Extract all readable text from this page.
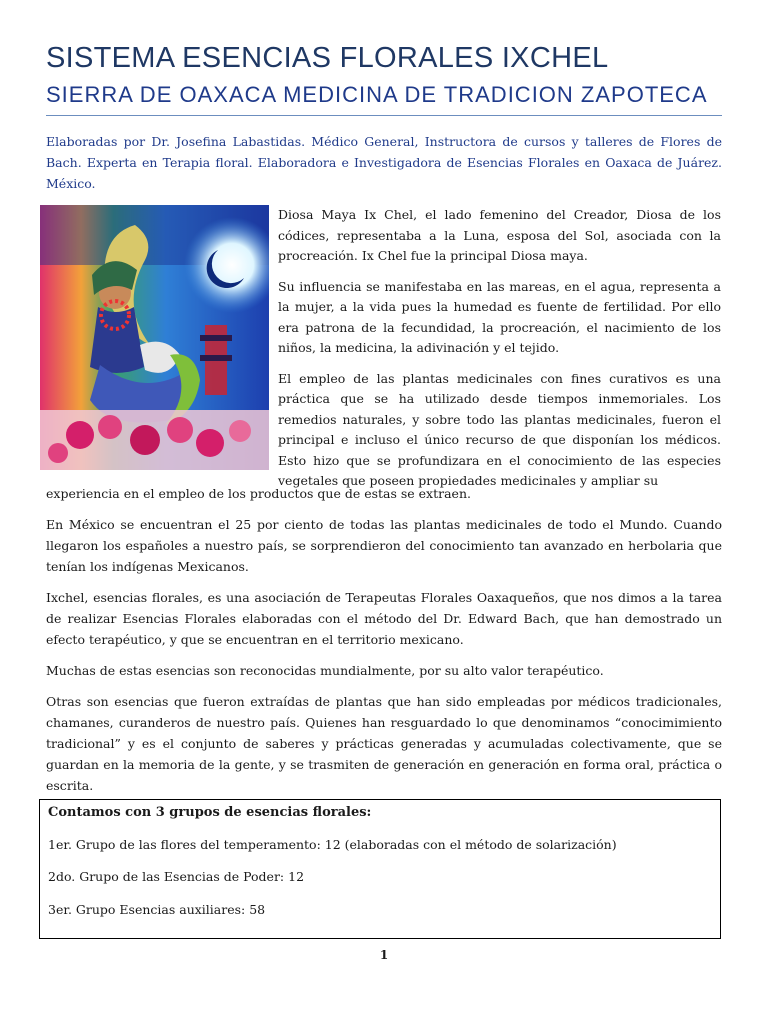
SISTEMA ESENCIAS FLORALES IXCHEL
SIERRA DE OAXACA MEDICINA DE TRADICION ZAPOTECA
Elaboradas por Dr. Josefina Labastidas. Médico General, Instructora de cursos y talleres de Flores de Bach. Experta en Terapia floral. Elaboradora e Investigadora de Esencias Florales en Oaxaca de Juárez. México.

Diosa Maya Ix Chel, el lado femenino del Creador, Diosa de los códices, representaba a la Luna, esposa del Sol, asociada con la procreación. Ix Chel fue la principal Diosa maya.

Su influencia se manifestaba en las mareas, en el agua, representa a la mujer, a la vida pues la humedad es fuente de fertilidad. Por ello era patrona de la fecundidad, la procreación, el nacimiento de los niños, la medicina, la adivinación y el tejido.

El empleo de las plantas medicinales con fines curativos es una práctica que se ha utilizado desde tiempos inmemoriales. Los remedios naturales, y sobre todo las plantas medicinales, fueron el principal e incluso el único recurso de que disponían los médicos. Esto hizo que se profundizara en el conocimiento de las especies vegetales que poseen propiedades medicinales y ampliar su

experiencia en el empleo de los productos que de estas se extraen.

En México se encuentran el 25 por ciento de todas las plantas medicinales de todo el Mundo. Cuando llegaron los españoles a nuestro país, se sorprendieron del conocimiento tan avanzado en herbolaria que tenían los indígenas Mexicanos.

Ixchel, esencias florales, es una asociación de Terapeutas Florales Oaxaqueños, que nos dimos a la tarea de realizar Esencias Florales elaboradas con el método del Dr. Edward Bach, que han demostrado un efecto terapéutico, y que se encuentran en el territorio mexicano.

Muchas de estas esencias son reconocidas mundialmente, por su alto valor terapéutico.

Otras son esencias que fueron extraídas de plantas que han sido empleadas por médicos tradicionales, chamanes, curanderos de nuestro país. Quienes han resguardado lo que denominamos “conocimimiento tradicional” y es el conjunto de saberes y prácticas generadas y acumuladas colectivamente, que se guardan en la memoria de la gente, y se trasmiten de generación en generación en forma oral, práctica o escrita.

Contamos con 3 grupos de esencias florales:
1er. Grupo de las flores del temperamento: 12 (elaboradas con el método de solarización)
2do. Grupo de las Esencias de Poder: 12
3er. Grupo Esencias auxiliares: 58
1
